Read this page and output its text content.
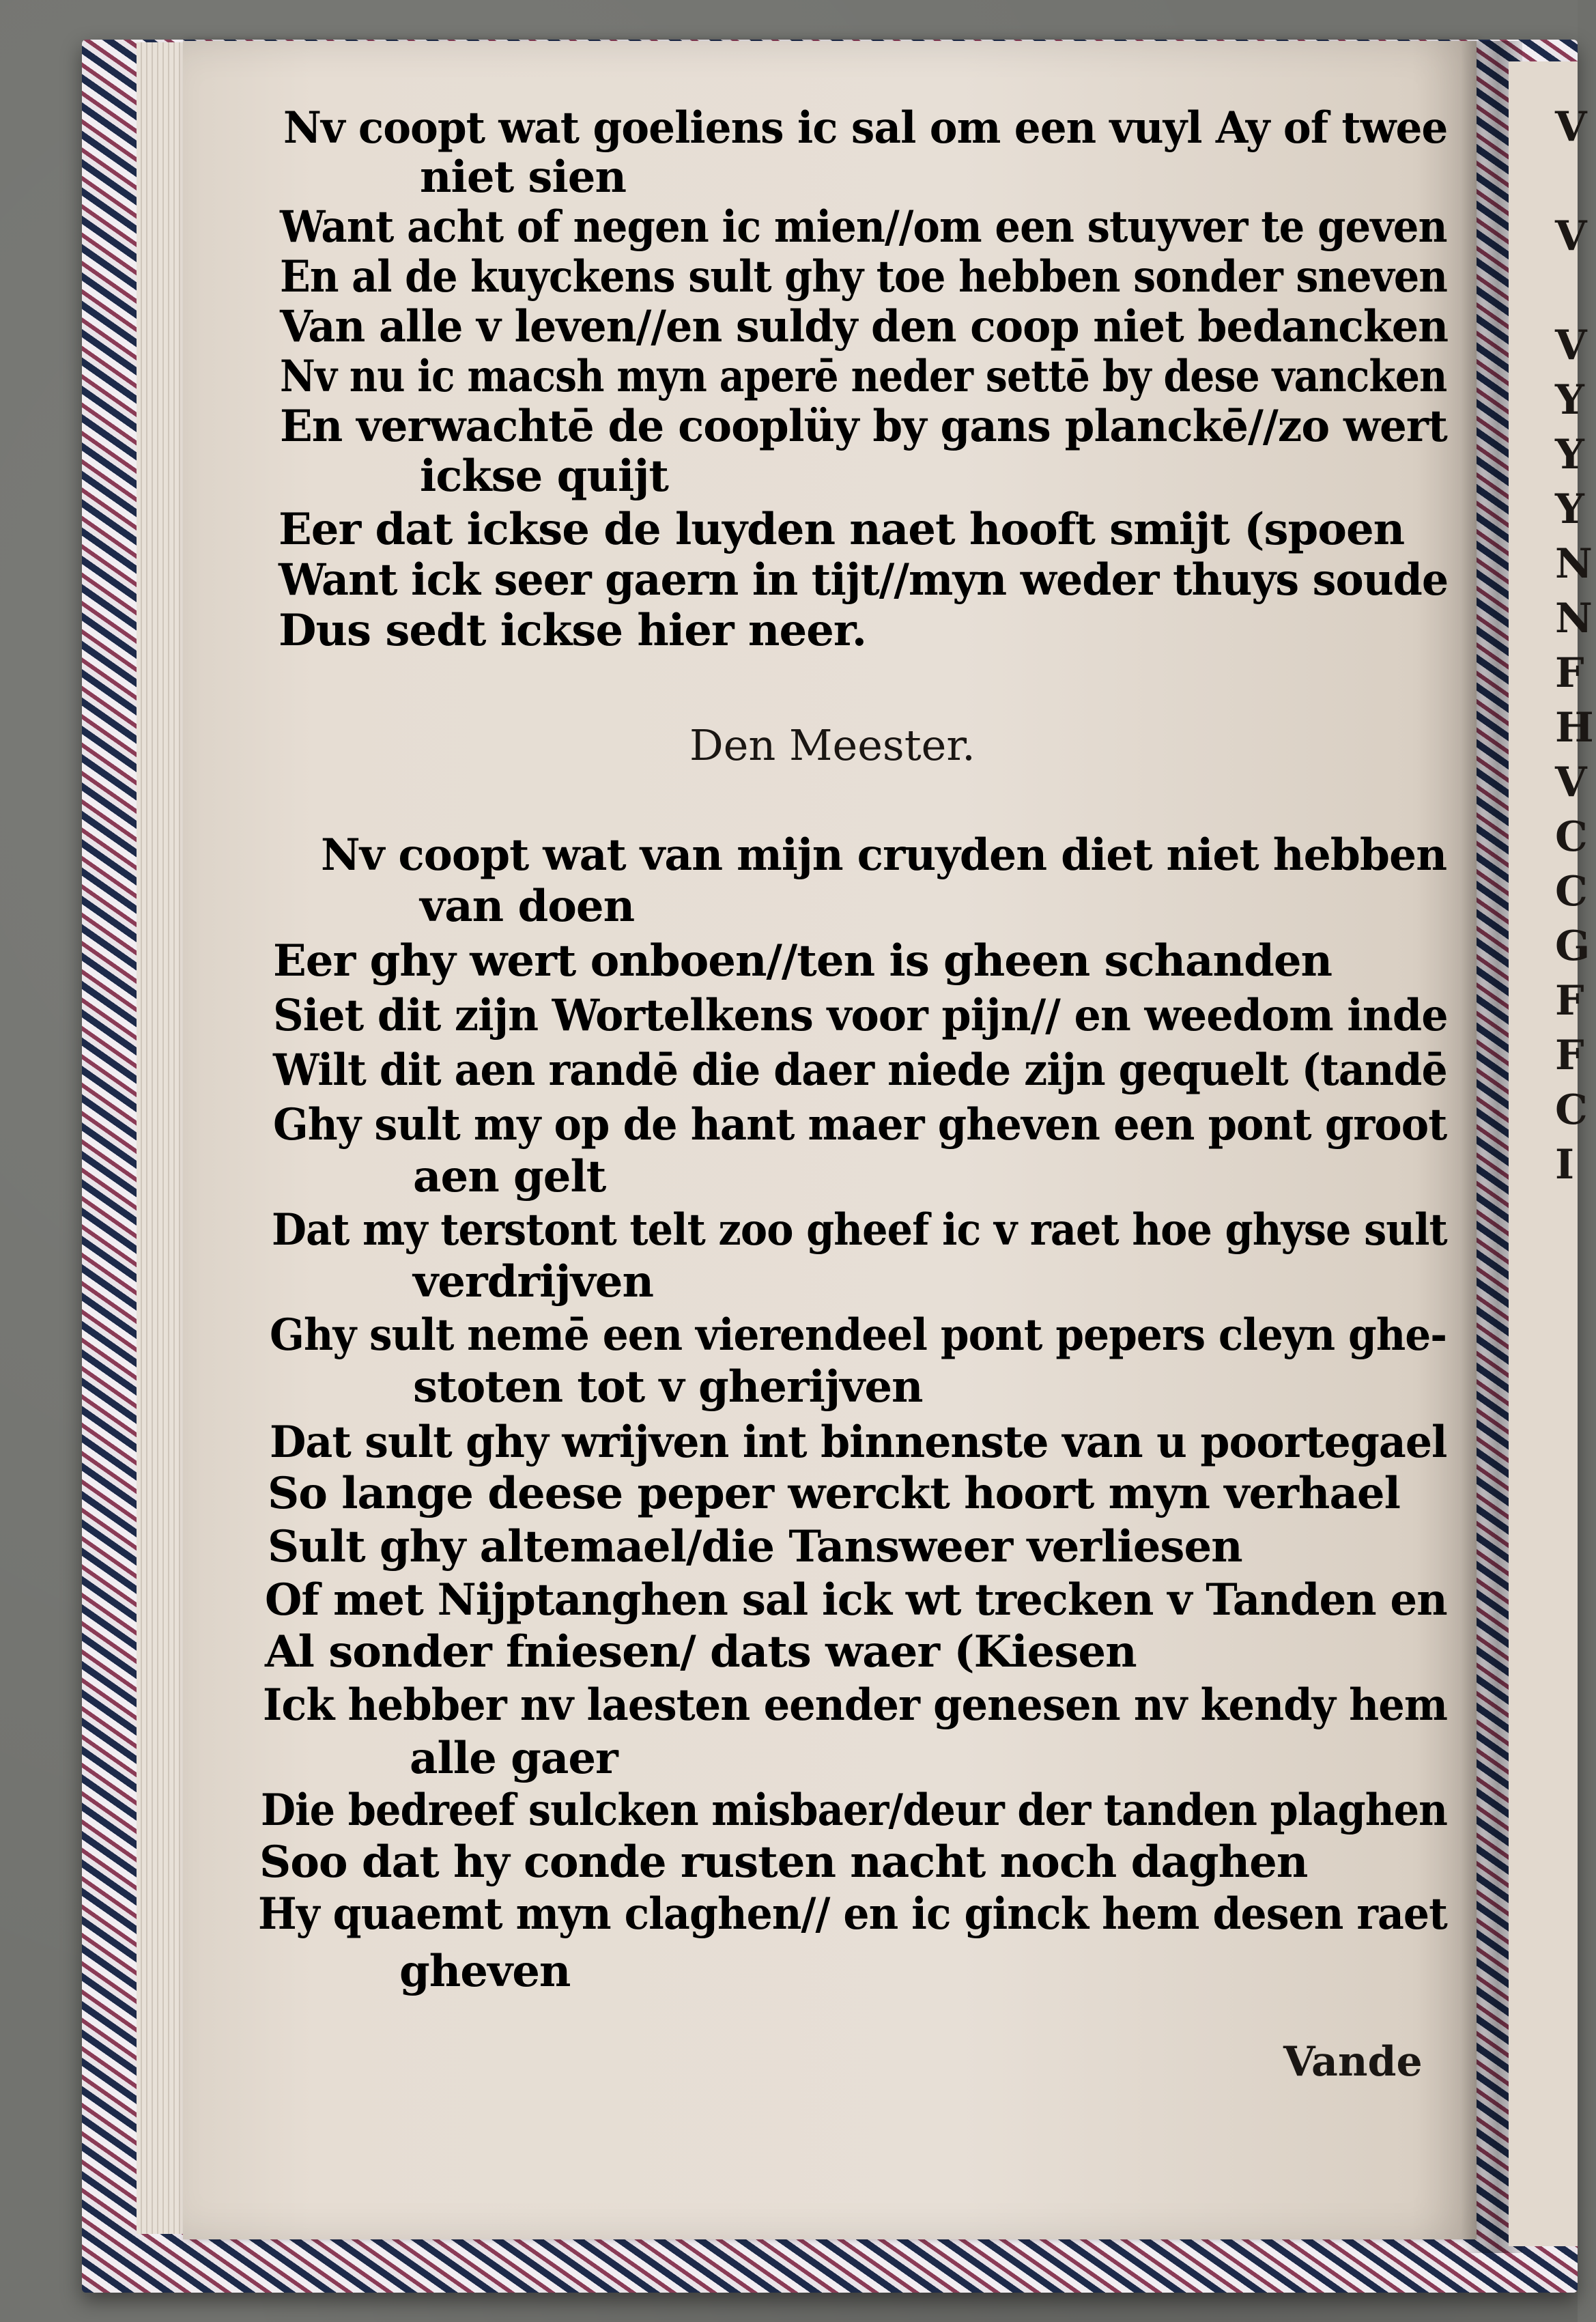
V
V
V
Y
Y
Y
N
N
F
H
V
C
C
G
F
F
C
I
Nv coopt wat goeliens ic sal om een vuyl Ay of twee
niet sien
Want acht of negen ic mien//om een stuyver te geven
En al de kuyckens sult ghy toe hebben sonder sneven
Van alle v leven//en suldy den coop niet bedancken
Nv nu ic macsh myn aperē neder settē by dese vancken
En verwachtē de cooplüy by gans planckē//zo wert
ickse quijt
Eer dat ickse de luyden naet hooft smijt (spoen
Want ick seer gaern in tijt//myn weder thuys soude
Dus sedt ickse hier neer.
Den Meester.
Nv coopt wat van mijn cruyden diet niet hebben
van doen
Eer ghy wert onboen//ten is gheen schanden
Siet dit zijn Wortelkens voor pijn// en weedom inde
Wilt dit aen randē die daer niede zijn gequelt (tandē
Ghy sult my op de hant maer gheven een pont groot
aen gelt
Dat my terstont telt zoo gheef ic v raet hoe ghyse sult
verdrijven
Ghy sult nemē een vierendeel pont pepers cleyn ghe-
stoten tot v gherijven
Dat sult ghy wrijven int binnenste van u poortegael
So lange deese peper werckt hoort myn verhael
Sult ghy altemael/die Tansweer verliesen
Of met Nijptanghen sal ick wt trecken v Tanden en
Al sonder fniesen/ dats waer (Kiesen
Ick hebber nv laesten eender genesen nv kendy hem
alle gaer
Die bedreef sulcken misbaer/deur der tanden plaghen
Soo dat hy conde rusten nacht noch daghen
Hy quaemt myn claghen// en ic ginck hem desen raet
gheven
Vande
